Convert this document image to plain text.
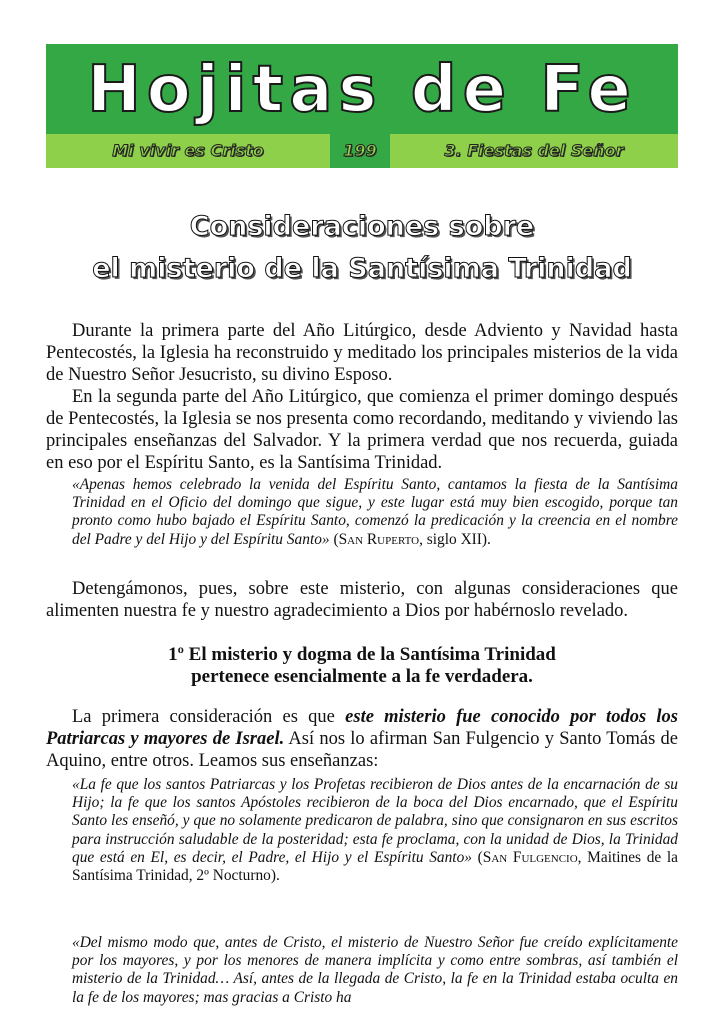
Hojitas de Fe
Mi vivir es Cristo	199	3. Fiestas del Señor
Consideraciones sobre
el misterio de la Santísima Trinidad

Durante la primera parte del Año Litúrgico, desde Adviento y Navidad hasta Pentecostés, la Iglesia ha reconstruido y meditado los principales misterios de la vida de Nuestro Señor Jesucristo, su divino Esposo.

En la segunda parte del Año Litúrgico, que comienza el primer domingo después de Pentecostés, la Iglesia se nos presenta como recordando, meditando y viviendo las principales enseñanzas del Salvador. Y la primera verdad que nos recuerda, guiada en eso por el Espíritu Santo, es la Santísima Trinidad.

«Apenas hemos celebrado la venida del Espíritu Santo, cantamos la fiesta de la Santísima Trinidad en el Oficio del domingo que sigue, y este lugar está muy bien escogido, porque tan pronto como hubo bajado el Espíritu Santo, comenzó la predicación y la creencia en el nombre del Padre y del Hijo y del Espíritu Santo» (San Ruperto, siglo XII).

Detengámonos, pues, sobre este misterio, con algunas consideraciones que alimenten nuestra fe y nuestro agradecimiento a Dios por habérnoslo revelado.

1º El misterio y dogma de la Santísima Trinidad

pertenece esencialmente a la fe verdadera.

La primera consideración es que este misterio fue conocido por todos los Patriarcas y mayores de Israel. Así nos lo afirman San Fulgencio y Santo Tomás de Aquino, entre otros. Leamos sus enseñanzas:

«La fe que los santos Patriarcas y los Profetas recibieron de Dios antes de la encarnación de su Hijo; la fe que los santos Apóstoles recibieron de la boca del Dios encarnado, que el Espíritu Santo les enseñó, y que no solamente predicaron de palabra, sino que consignaron en sus escritos para instrucción saludable de la posteridad; esta fe proclama, con la unidad de Dios, la Trinidad que está en El, es decir, el Padre, el Hijo y el Espíritu Santo» (San Fulgencio, Maitines de la Santísima Trinidad, 2º Nocturno).

«Del mismo modo que, antes de Cristo, el misterio de Nuestro Señor fue creído explícitamente por los mayores, y por los menores de manera implícita y como entre sombras, así también el misterio de la Trinidad… Así, antes de la llegada de Cristo, la fe en la Trinidad estaba oculta en la fe de los mayores; mas gracias a Cristo ha
